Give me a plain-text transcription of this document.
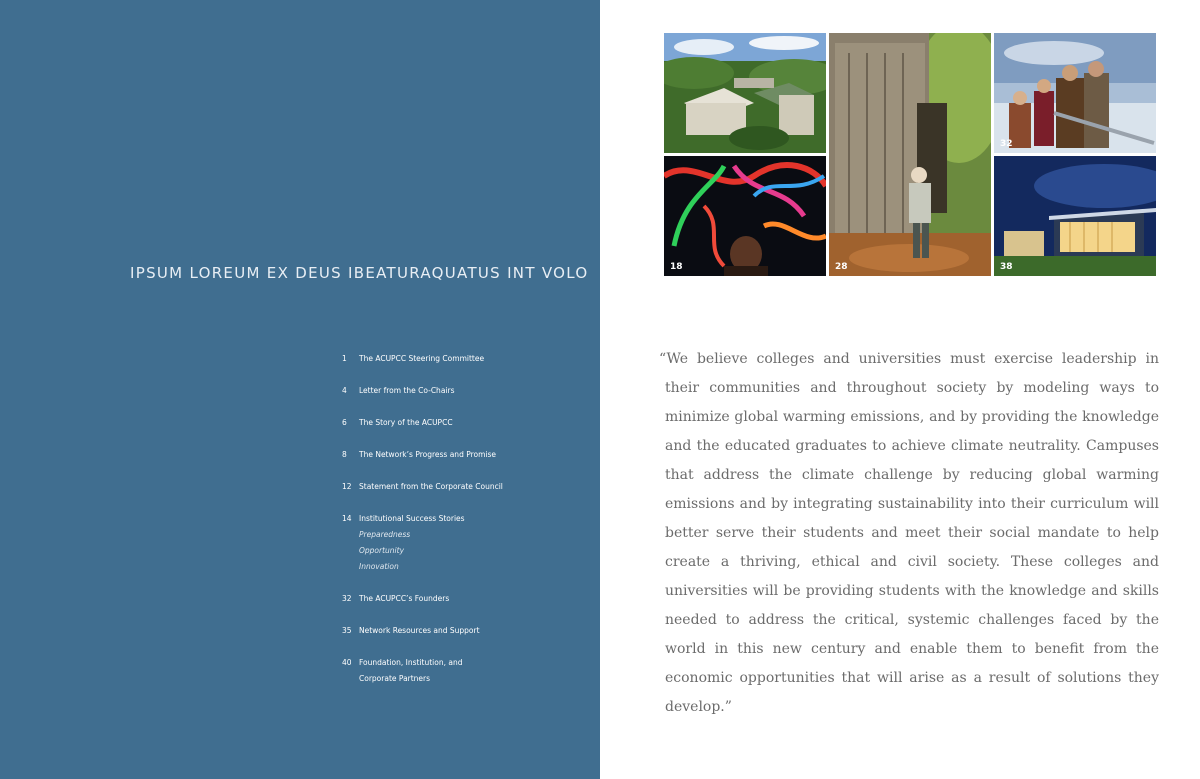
IPSUM LOREUM EX DEUS IBEATURAQUATUS INT VOLO
1	The ACUPCC Steering Committee
4	Letter from the Co-Chairs
6	The Story of the ACUPCC
8	The Network’s Progress and Promise
12 Statement from the Corporate Council
14 Institutional Success Stories
Preparedness
Opportunity
Innovation
32 The ACUPCC’s Founders
35 Network Resources and Support
40 Foundation, Institution, and
Corporate Partners
28
32
18	38

“We believe colleges and universities must exercise leadership in their communities and throughout society by modeling ways to minimize global warming emissions, and by providing the knowledge and the educated graduates to achieve climate neutrality. Campuses that address the climate challenge by reducing global warming emissions and by integrating sustainability into their curriculum will better serve their students and meet their social mandate to help create a thriving, ethical and civil society. These colleges and universities will be providing students with the knowledge and skills needed to address the critical, systemic challenges faced by the world in this new century and enable them to benefit from the economic opportunities that will arise as a result of solutions they develop.”
